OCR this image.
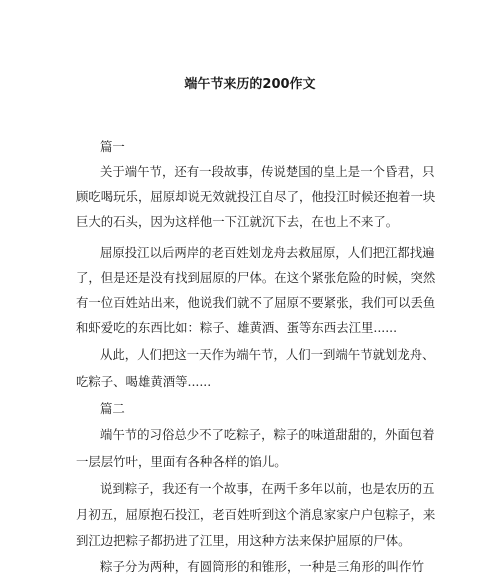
端午节来历的200作文
篇一
关于端午节，还有一段故事，传说楚国的皇上是一个昏君，只
顾吃喝玩乐，屈原却说无效就投江自尽了，他投江时候还抱着一块
巨大的石头，因为这样他一下江就沉下去，在也上不来了。
屈原投江以后两岸的老百姓划龙舟去救屈原，人们把江都找遍
了，但是还是没有找到屈原的尸体。在这个紧张危险的时候，突然
有一位百姓站出来，他说我们就不了屈原不要紧张，我们可以丢鱼
和虾爱吃的东西比如：粽子、雄黄酒、蛋等东西去江里......
从此，人们把这一天作为端午节，人们一到端午节就划龙舟、
吃粽子、喝雄黄酒等......
篇二
端午节的习俗总少不了吃粽子，粽子的味道甜甜的，外面包着
一层层竹叶，里面有各种各样的馅儿。
说到粽子，我还有一个故事，在两千多年以前，也是农历的五
月初五，屈原抱石投江，老百姓听到这个消息家家户户包粽子，来
到江边把粽子都扔进了江里，用这种方法来保护屈原的尸体。
粽子分为两种，有圆筒形的和锥形，一种是三角形的叫作竹
